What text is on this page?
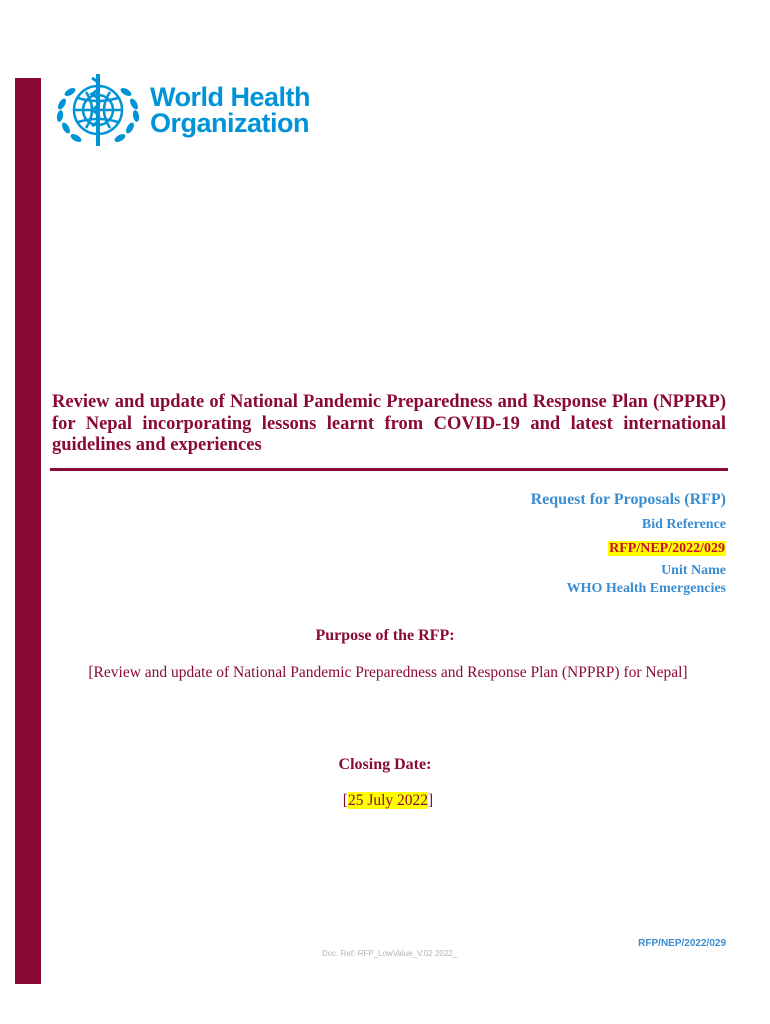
World Health
Organization

Review and update of National Pandemic Preparedness and Response Plan (NPPRP) for Nepal incorporating lessons learnt from COVID-19 and latest international guidelines and experiences

Request for Proposals (RFP)
Bid Reference
RFP/NEP/2022/029
Unit Name
WHO Health Emergencies
Purpose of the RFP:
[Review and update of National Pandemic Preparedness and Response Plan (NPPRP) for Nepal]
Closing Date:
[25 July 2022]
RFP/NEP/2022/029
Doc. Ref: RFP_LowValue_V.02 2022_
